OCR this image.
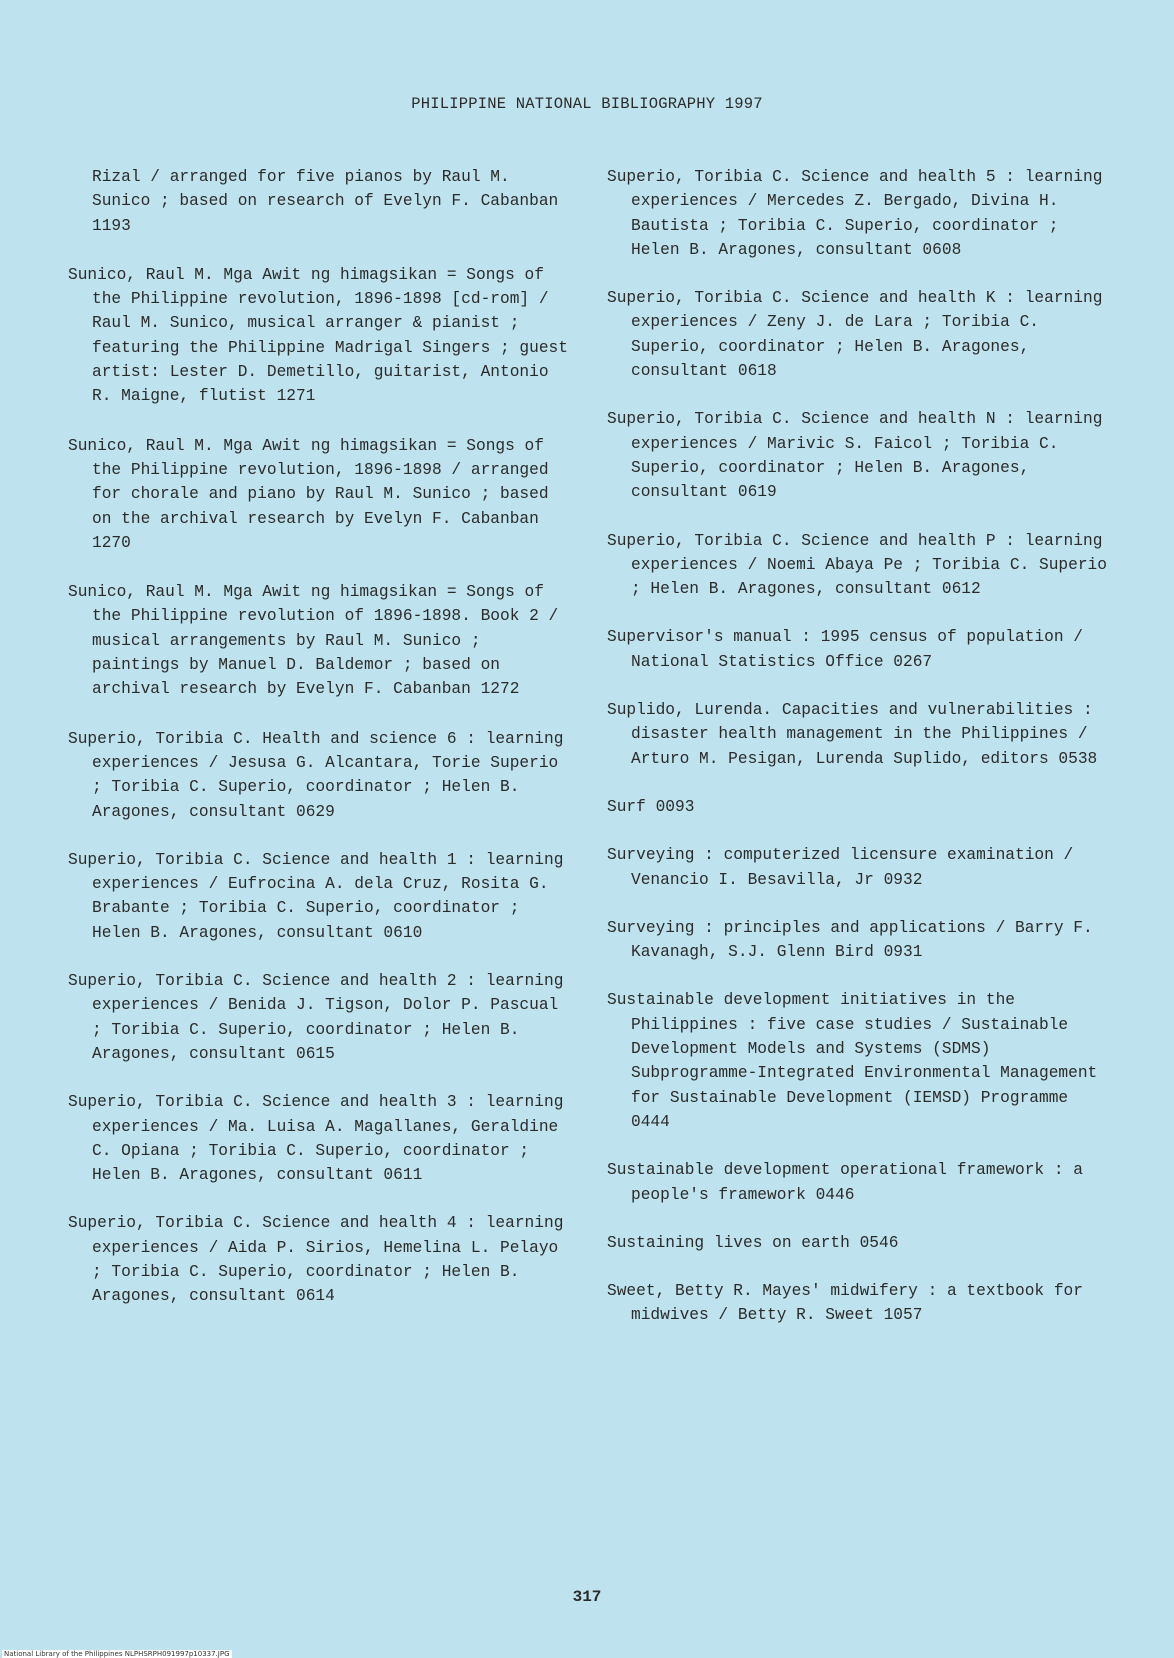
PHILIPPINE NATIONAL BIBLIOGRAPHY 1997

Rizal / arranged for five pianos by Raul M. Sunico ; based on research of Evelyn F. Cabanban 1193

Sunico, Raul M. Mga Awit ng himagsikan = Songs of the Philippine revolution, 1896-1898 [cd-rom] / Raul M. Sunico, musical arranger & pianist ; featuring the Philippine Madrigal Singers ; guest artist: Lester D. Demetillo, guitarist, Antonio R. Maigne, flutist 1271

Sunico, Raul M. Mga Awit ng himagsikan = Songs of the Philippine revolution, 1896-1898 / arranged for chorale and piano by Raul M. Sunico ; based on the archival research by Evelyn F. Cabanban 1270

Sunico, Raul M. Mga Awit ng himagsikan = Songs of the Philippine revolution of 1896-1898. Book 2 / musical arrangements by Raul M. Sunico ; paintings by Manuel D. Baldemor ; based on archival research by Evelyn F. Cabanban 1272

Superio, Toribia C. Health and science 6 : learning experiences / Jesusa G. Alcantara, Torie Superio ; Toribia C. Superio, coordinator ; Helen B. Aragones, consultant 0629

Superio, Toribia C. Science and health 1 : learning experiences / Eufrocina A. dela Cruz, Rosita G. Brabante ; Toribia C. Superio, coordinator ; Helen B. Aragones, consultant 0610

Superio, Toribia C. Science and health 2 : learning experiences / Benida J. Tigson, Dolor P. Pascual ; Toribia C. Superio, coordinator ; Helen B. Aragones, consultant 0615

Superio, Toribia C. Science and health 3 : learning experiences / Ma. Luisa A. Magallanes, Geraldine C. Opiana ; Toribia C. Superio, coordinator ; Helen B. Aragones, consultant 0611

Superio, Toribia C. Science and health 4 : learning experiences / Aida P. Sirios, Hemelina L. Pelayo ; Toribia C. Superio, coordinator ; Helen B. Aragones, consultant 0614

Superio, Toribia C. Science and health 5 : learning experiences / Mercedes Z. Bergado, Divina H. Bautista ; Toribia C. Superio, coordinator ; Helen B. Aragones, consultant 0608

Superio, Toribia C. Science and health K : learning experiences / Zeny J. de Lara ; Toribia C. Superio, coordinator ; Helen B. Aragones, consultant 0618

Superio, Toribia C. Science and health N : learning experiences / Marivic S. Faicol ; Toribia C. Superio, coordinator ; Helen B. Aragones, consultant 0619

Superio, Toribia C. Science and health P : learning experiences / Noemi Abaya Pe ; Toribia C. Superio ; Helen B. Aragones, consultant 0612

Supervisor's manual : 1995 census of population / National Statistics Office 0267

Suplido, Lurenda. Capacities and vulnerabilities : disaster health management in the Philippines / Arturo M. Pesigan, Lurenda Suplido, editors 0538

Surf 0093

Surveying : computerized licensure examination / Venancio I. Besavilla, Jr 0932

Surveying : principles and applications / Barry F. Kavanagh, S.J. Glenn Bird 0931

Sustainable development initiatives in the Philippines : five case studies / Sustainable Development Models and Systems (SDMS) Subprogramme-Integrated Environmental Management for Sustainable Development (IEMSD) Programme 0444

Sustainable development operational framework : a people's framework 0446

Sustaining lives on earth 0546

Sweet, Betty R. Mayes' midwifery : a textbook for midwives / Betty R. Sweet 1057

317
National Library of the Philippines NLPHSRPH091997p10337.JPG
